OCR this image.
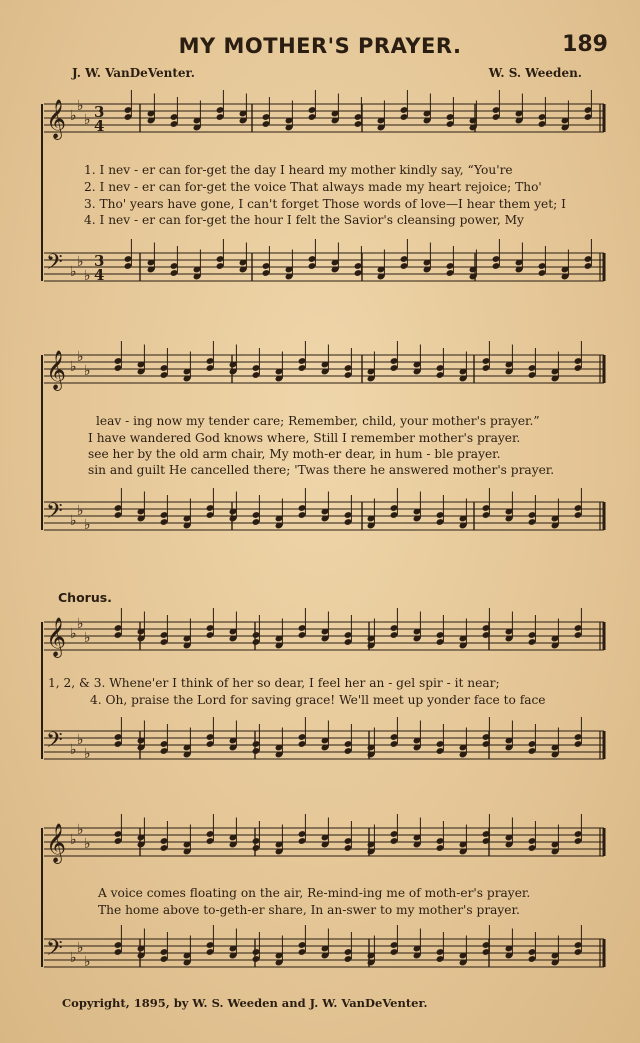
MY MOTHER'S PRAYER.	189
J. W. VanDeVenter.	W. S. Weeden.
𝄞 ♭
♭
♭ 3
4
𝄢 ♭
♭
♭
3
4
𝄞 ♭
♭
♭
𝄢 ♭
♭
♭
𝄞 ♭
♭
♭
𝄢 ♭
♭
♭
𝄞 ♭
♭
♭
𝄢 ♭
♭
♭
1. I nev - er can for-get the day I heard my mother kindly say, “You're
2. I nev - er can for-get the voice That always made my heart rejoice; Tho'
3. Tho' years have gone, I can't forget Those words of love—I hear them yet; I
4. I nev - er can for-get the hour I felt the Savior's cleansing power, My
leav - ing now my tender care; Remember, child, your mother's prayer.”
I have wandered God knows where, Still I remember mother's prayer.
see her by the old arm chair, My moth-er dear, in hum - ble prayer.
sin and guilt He cancelled there; 'Twas there he answered mother's prayer.
Chorus.
1, 2, & 3. Whene'er I think of her so dear, I feel her an - gel spir - it near;
4. Oh, praise the Lord for saving grace! We'll meet up yonder face to face
A voice comes floating on the air, Re-mind-ing me of moth-er's prayer.
The home above to-geth-er share, In an-swer to my mother's prayer.
Copyright, 1895, by W. S. Weeden and J. W. VanDeVenter.
